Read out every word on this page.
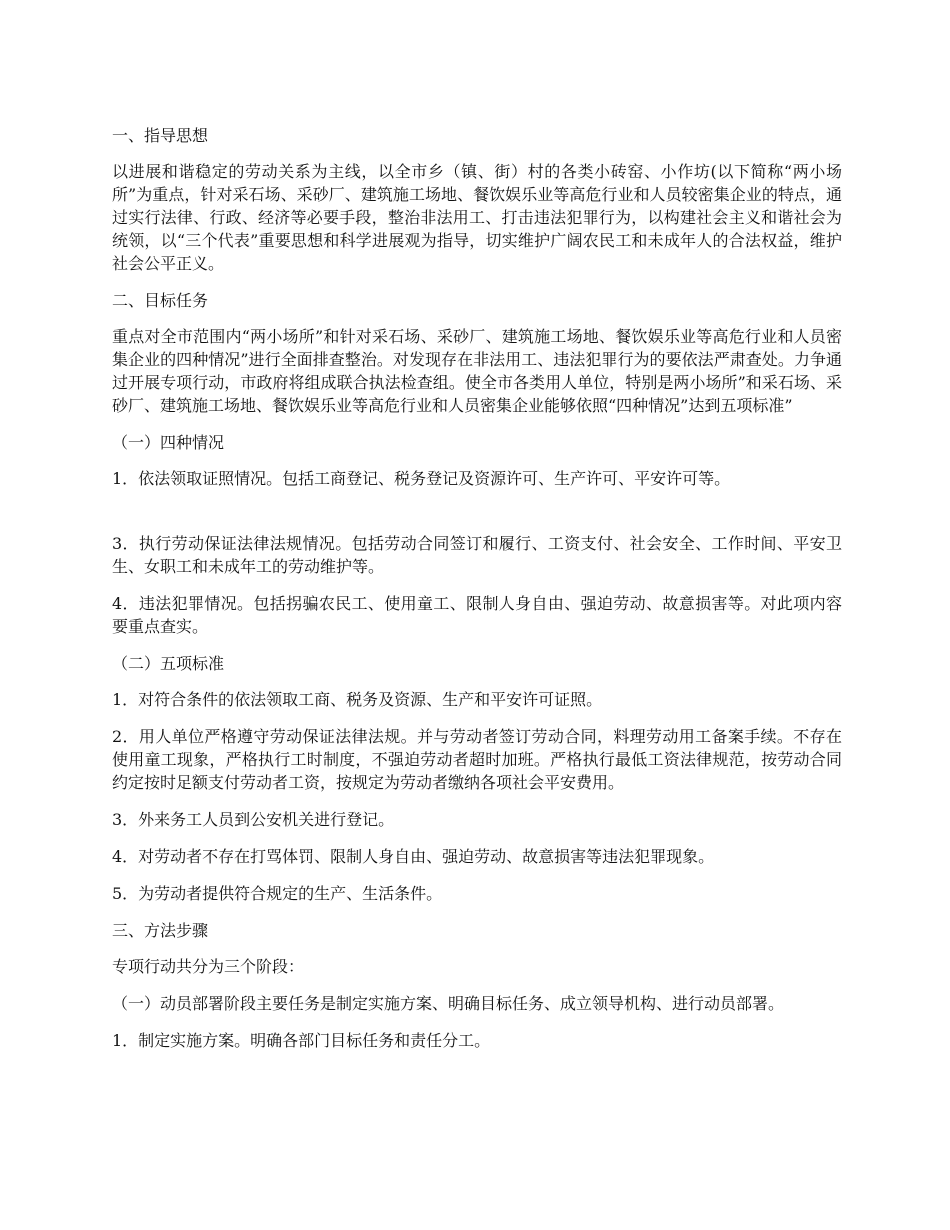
一、指导思想

以进展和谐稳定的劳动关系为主线，以全市乡（镇、街）村的各类小砖窑、小作坊(以下简称“两小场所”为重点，针对采石场、采砂厂、建筑施工场地、餐饮娱乐业等高危行业和人员较密集企业的特点，通过实行法律、行政、经济等必要手段，整治非法用工、打击违法犯罪行为，以构建社会主义和谐社会为统领，以“三个代表”重要思想和科学进展观为指导，切实维护广阔农民工和未成年人的合法权益，维护社会公平正义。

二、目标任务

重点对全市范围内“两小场所”和针对采石场、采砂厂、建筑施工场地、餐饮娱乐业等高危行业和人员密集企业的四种情况”进行全面排查整治。对发现存在非法用工、违法犯罪行为的要依法严肃查处。力争通过开展专项行动，市政府将组成联合执法检查组。使全市各类用人单位，特别是两小场所”和采石场、采砂厂、建筑施工场地、餐饮娱乐业等高危行业和人员密集企业能够依照“四种情况”达到五项标准”

（一）四种情况

1．依法领取证照情况。包括工商登记、税务登记及资源许可、生产许可、平安许可等。

3．执行劳动保证法律法规情况。包括劳动合同签订和履行、工资支付、社会安全、工作时间、平安卫生、女职工和未成年工的劳动维护等。

4．违法犯罪情况。包括拐骗农民工、使用童工、限制人身自由、强迫劳动、故意损害等。对此项内容要重点查实。

（二）五项标准

1．对符合条件的依法领取工商、税务及资源、生产和平安许可证照。

2．用人单位严格遵守劳动保证法律法规。并与劳动者签订劳动合同，料理劳动用工备案手续。不存在使用童工现象，严格执行工时制度，不强迫劳动者超时加班。严格执行最低工资法律规范，按劳动合同约定按时足额支付劳动者工资，按规定为劳动者缴纳各项社会平安费用。

3．外来务工人员到公安机关进行登记。

4．对劳动者不存在打骂体罚、限制人身自由、强迫劳动、故意损害等违法犯罪现象。

5．为劳动者提供符合规定的生产、生活条件。

三、方法步骤

专项行动共分为三个阶段：

（一）动员部署阶段主要任务是制定实施方案、明确目标任务、成立领导机构、进行动员部署。

1．制定实施方案。明确各部门目标任务和责任分工。
